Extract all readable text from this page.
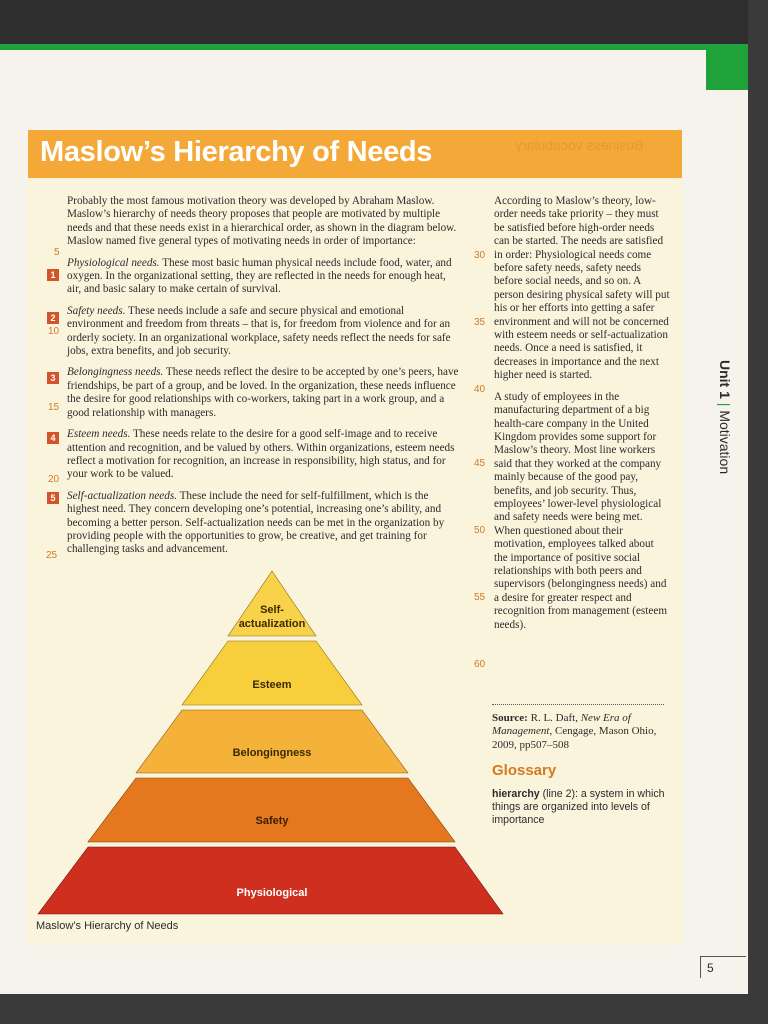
Business vocabulary
Maslow’s Hierarchy of Needs

Probably the most famous motivation theory was developed by Abraham Maslow. Maslow’s hierarchy of needs theory proposes that people are motivated by multiple needs and that these needs exist in a hierarchical order, as shown in the diagram below. Maslow named five general types of motivating needs in order of importance:

Physiological needs. These most basic human physical needs include food, water, and oxygen. In the organizational setting, they are reflected in the needs for enough heat, air, and basic salary to make certain of survival.

Safety needs. These needs include a safe and secure physical and emotional environment and freedom from threats – that is, for freedom from violence and for an orderly society. In an organizational workplace, safety needs reflect the needs for safe jobs, extra benefits, and job security.

Belongingness needs. These needs reflect the desire to be accepted by one’s peers, have friendships, be part of a group, and be loved. In the organization, these needs influence the desire for good relationships with co-workers, taking part in a work group, and a good relationship with managers.

Esteem needs. These needs relate to the desire for a good self-image and to receive attention and recognition, and be valued by others. Within organizations, esteem needs reflect a motivation for recognition, an increase in responsibility, high status, and for your work to be valued.

Self-actualization needs. These include the need for self-fulfillment, which is the highest need. They concern developing one’s potential, increasing one’s ability, and becoming a better person. Self-actualization needs can be met in the organization by providing people with the opportunities to grow, be creative, and get training for challenging tasks and advancement.

1
2
3
4
5
5
10
15
20
25

According to Maslow’s theory, low-order needs take priority – they must be satisfied before high-order needs can be started. The needs are satisfied in order: Physiological needs come before safety needs, safety needs before social needs, and so on. A person desiring physical safety will put his or her efforts into getting a safer environment and will not be concerned with esteem needs or self-actualization needs. Once a need is satisfied, it decreases in importance and the next higher need is started.

A study of employees in the manufacturing department of a big health-care company in the United Kingdom provides some support for Maslow’s theory. Most line workers said that they worked at the company mainly because of the good pay, benefits, and job security. Thus, employees’ lower-level physiological and safety needs were being met. When questioned about their motivation, employees talked about the importance of positive social relationships with both peers and supervisors (belongingness needs) and a desire for greater respect and recognition from management (esteem needs).

30
35
40
45
50
55
60
Source: R. L. Daft, New Era of Management, Cengage, Mason Ohio, 2009, pp507–508
Glossary
hierarchy (line 2): a system in which things are organized into levels of importance
Unit 1 | Motivation
Self-
actualization
Esteem
Belongingness
Safety
Physiological
Maslow’s Hierarchy of Needs
5
